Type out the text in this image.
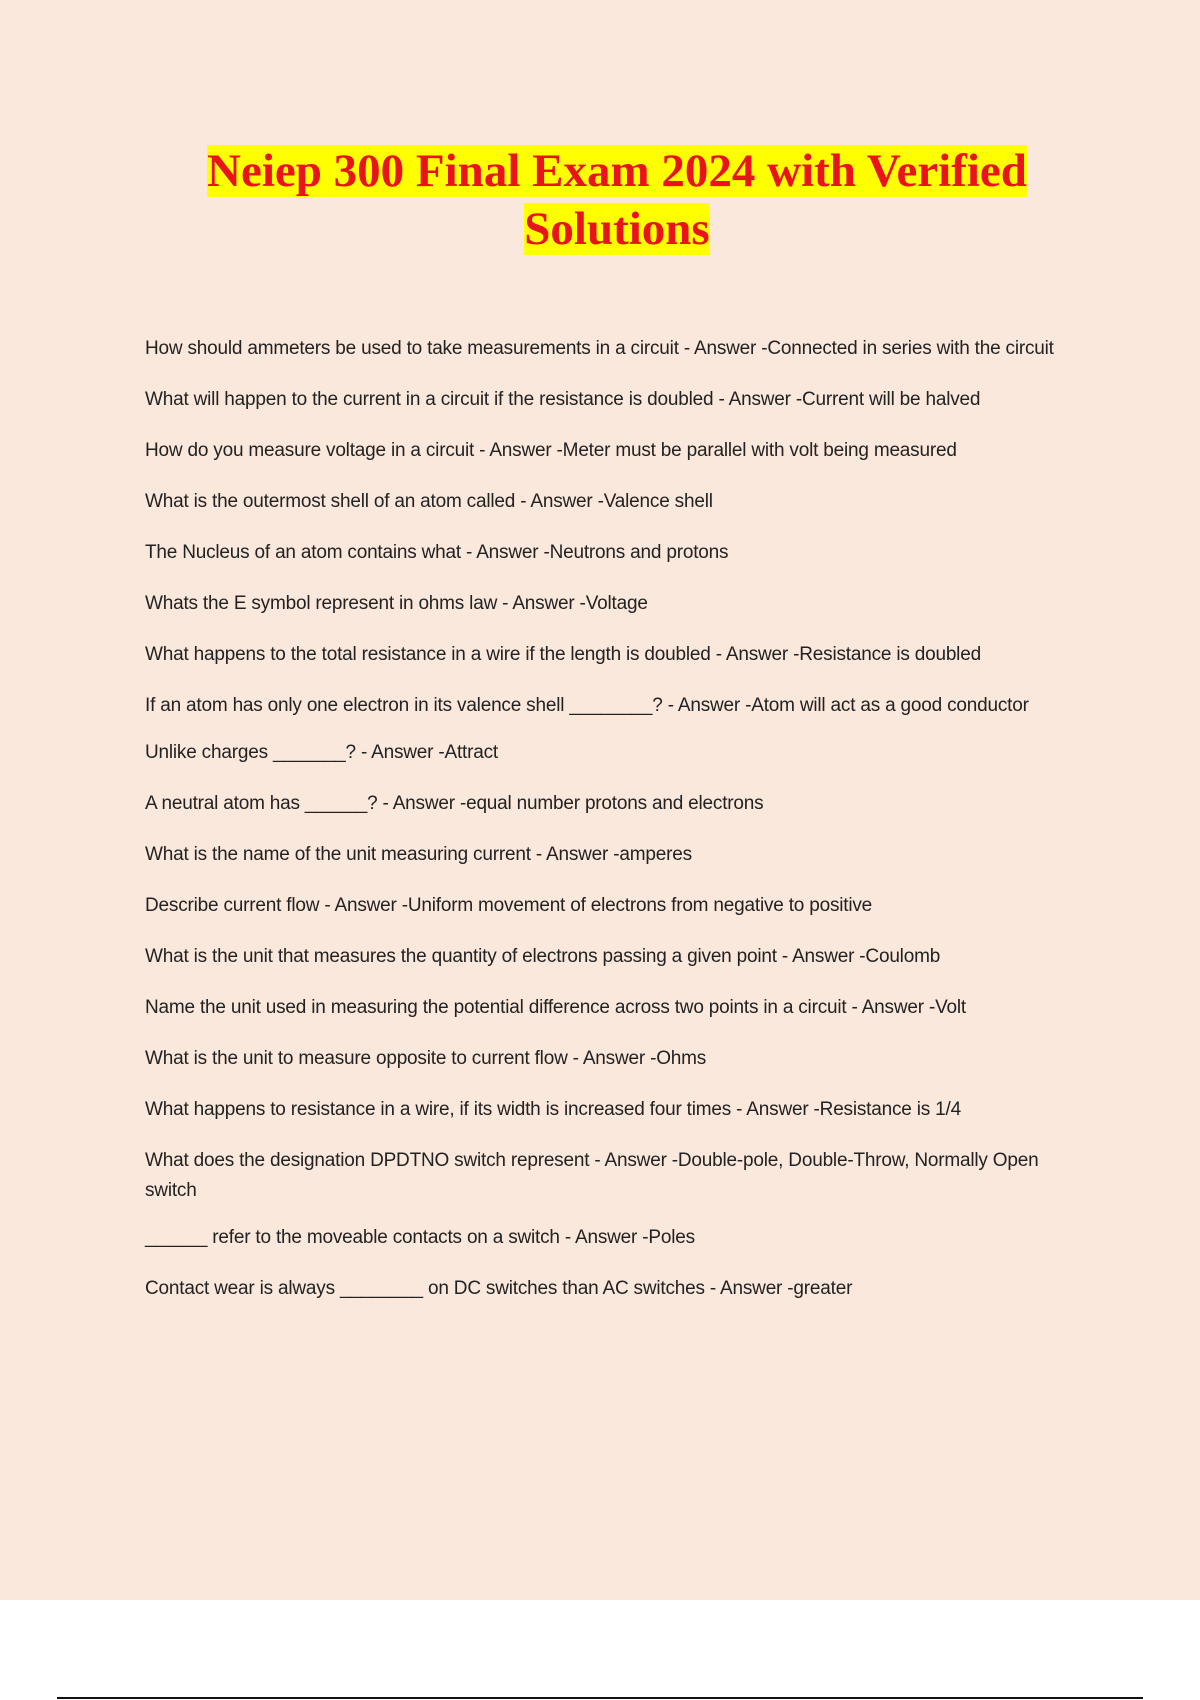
Neiep 300 Final Exam 2024 with Verified Solutions
How should ammeters be used to take measurements in a circuit - Answer -Connected in series with the circuit
What will happen to the current in a circuit if the resistance is doubled - Answer -Current will be halved
How do you measure voltage in a circuit - Answer -Meter must be parallel with volt being measured
What is the outermost shell of an atom called - Answer -Valence shell
The Nucleus of an atom contains what - Answer -Neutrons and protons
Whats the E symbol represent in ohms law - Answer -Voltage
What happens to the total resistance in a wire if the length is doubled - Answer -Resistance is doubled
If an atom has only one electron in its valence shell ________? - Answer -Atom will act as a good conductor
Unlike charges _______? - Answer -Attract
A neutral atom has ______? - Answer -equal number protons and electrons
What is the name of the unit measuring current - Answer -amperes
Describe current flow - Answer -Uniform movement of electrons from negative to positive
What is the unit that measures the quantity of electrons passing a given point - Answer -Coulomb
Name the unit used in measuring the potential difference across two points in a circuit - Answer -Volt
What is the unit to measure opposite to current flow - Answer -Ohms
What happens to resistance in a wire, if its width is increased four times - Answer -Resistance is 1/4
What does the designation DPDTNO switch represent - Answer -Double-pole, Double-Throw, Normally Open switch
______ refer to the moveable contacts on a switch - Answer -Poles
Contact wear is always ________ on DC switches than AC switches - Answer -greater
